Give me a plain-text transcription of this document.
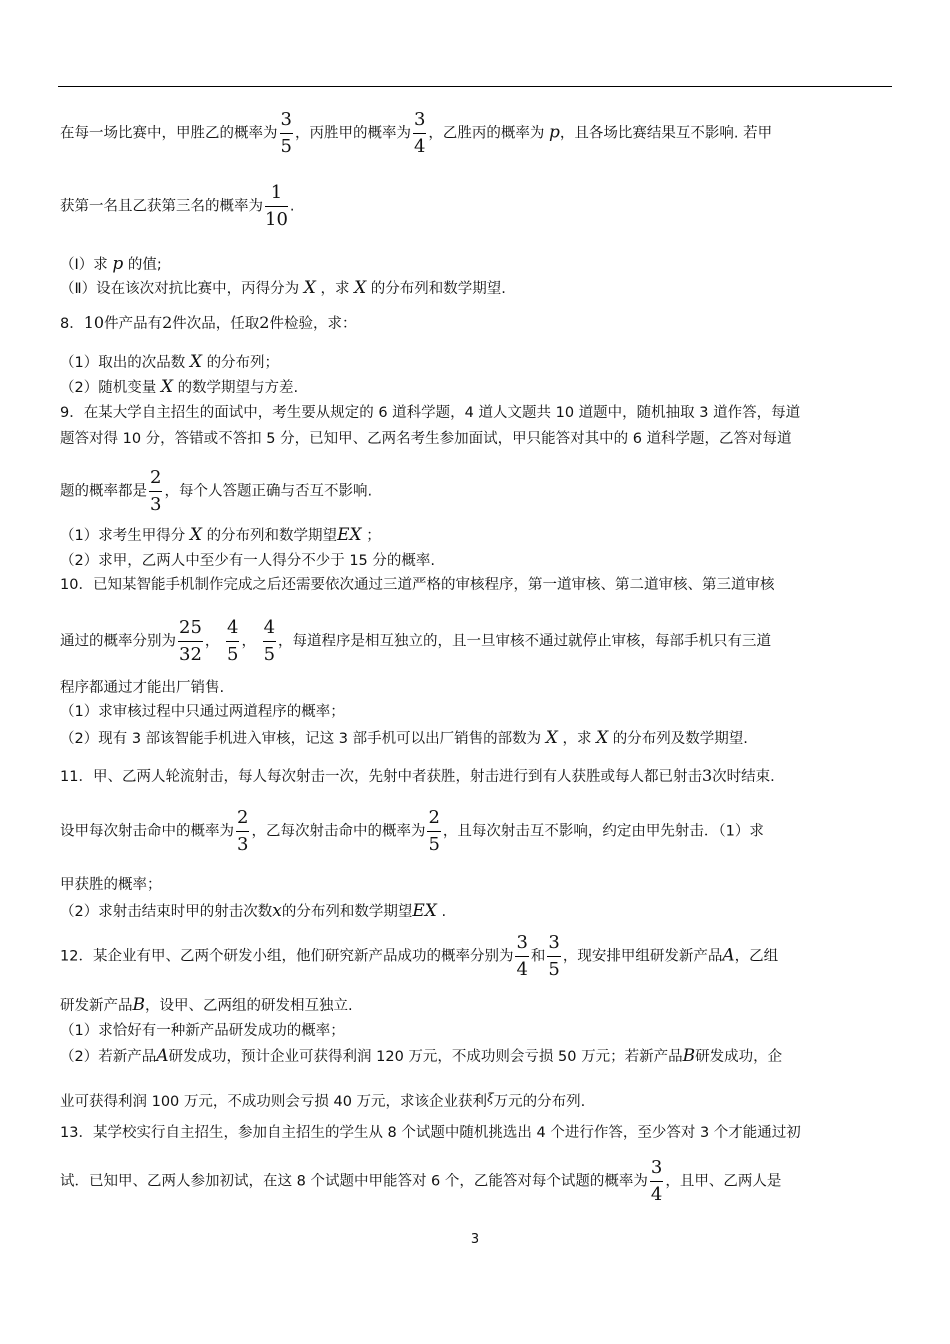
在每一场比赛中，甲胜乙的概率为 $\frac{3}{5}$ ，丙胜甲的概率为 $\frac{3}{4}$ ，乙胜丙的概率为 p，且各场比赛结果互不影响. 若甲
获第一名且乙获第三名的概率为 $\frac{1}{10}$ .
（Ⅰ）求 p 的值;
（Ⅱ）设在该次对抗比赛中，丙得分为 X ，求 X 的分布列和数学期望.
8．10件产品有2件次品，任取2件检验，求：
（1）取出的次品数 X 的分布列；
（2）随机变量 X 的数学期望与方差.
9．在某大学自主招生的面试中，考生要从规定的 6 道科学题，4 道人文题共 10 道题中，随机抽取 3 道作答，每道
题答对得 10 分，答错或不答扣 5 分，已知甲、乙两名考生参加面试，甲只能答对其中的 6 道科学题，乙答对每道
题的概率都是 $\frac{2}{3}$ ，每个人答题正确与否互不影响.
（1）求考生甲得分 X 的分布列和数学期望EX ；
（2）求甲，乙两人中至少有一人得分不少于 15 分的概率.
10．已知某智能手机制作完成之后还需要依次通过三道严格的审核程序，第一道审核、第二道审核、第三道审核
通过的概率分别为 $\frac{25}{32}$ ， $\frac{4}{5}$ ， $\frac{4}{5}$ ，每道程序是相互独立的，且一旦审核不通过就停止审核，每部手机只有三道
程序都通过才能出厂销售.
（1）求审核过程中只通过两道程序的概率；
（2）现有 3 部该智能手机进入审核，记这 3 部手机可以出厂销售的部数为 X ，求 X 的分布列及数学期望.
11．甲、乙两人轮流射击，每人每次射击一次，先射中者获胜，射击进行到有人获胜或每人都已射击3次时结束.
设甲每次射击命中的概率为 $\frac{2}{3}$ ，乙每次射击命中的概率为 $\frac{2}{5}$ ，且每次射击互不影响，约定由甲先射击．（1）求
甲获胜的概率；
（2）求射击结束时甲的射击次数x的分布列和数学期望EX .
12．某企业有甲、乙两个研发小组，他们研究新产品成功的概率分别为 $\frac{3}{4}$ 和 $\frac{3}{5}$ ，现安排甲组研发新产品A，乙组
研发新产品B，设甲、乙两组的研发相互独立.
（1）求恰好有一种新产品研发成功的概率；
（2）若新产品A研发成功，预计企业可获得利润 120 万元，不成功则会亏损 50 万元；若新产品B研发成功，企
业可获得利润 100 万元，不成功则会亏损 40 万元，求该企业获利$^\xi$万元的分布列.
13．某学校实行自主招生，参加自主招生的学生从 8 个试题中随机挑选出 4 个进行作答，至少答对 3 个才能通过初
试．已知甲、乙两人参加初试，在这 8 个试题中甲能答对 6 个，乙能答对每个试题的概率为 $\frac{3}{4}$ ，且甲、乙两人是
3
